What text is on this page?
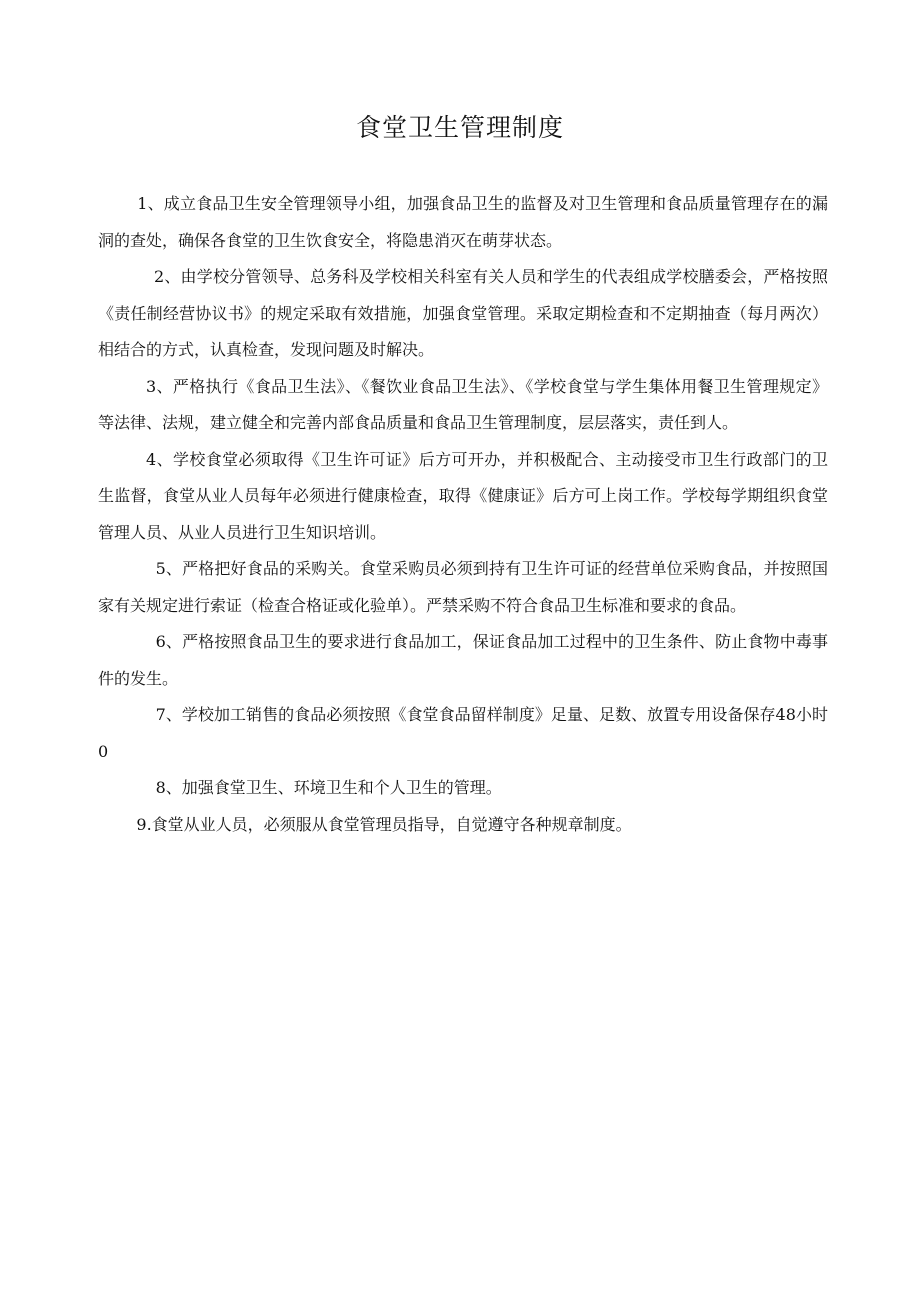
食堂卫生管理制度

1、成立食品卫生安全管理领导小组，加强食品卫生的监督及对卫生管理和食品质量管理存在的漏洞的查处，确保各食堂的卫生饮食安全，将隐患消灭在萌芽状态。

2、由学校分管领导、总务科及学校相关科室有关人员和学生的代表组成学校膳委会，严格按照《责任制经营协议书》的规定采取有效措施，加强食堂管理。采取定期检查和不定期抽查（每月两次）相结合的方式，认真检查，发现问题及时解决。

3、严格执行《食品卫生法》、《餐饮业食品卫生法》、《学校食堂与学生集体用餐卫生管理规定》等法律、法规，建立健全和完善内部食品质量和食品卫生管理制度，层层落实，责任到人。

4、学校食堂必须取得《卫生许可证》后方可开办，并积极配合、主动接受市卫生行政部门的卫生监督，食堂从业人员每年必须进行健康检查，取得《健康证》后方可上岗工作。学校每学期组织食堂管理人员、从业人员进行卫生知识培训。

5、严格把好食品的采购关。食堂采购员必须到持有卫生许可证的经营单位采购食品，并按照国家有关规定进行索证（检查合格证或化验单）。严禁采购不符合食品卫生标准和要求的食品。

6、严格按照食品卫生的要求进行食品加工，保证食品加工过程中的卫生条件、防止食物中毒事件的发生。

7、学校加工销售的食品必须按照《食堂食品留样制度》足量、足数、放置专用设备保存48小时0

8、加强食堂卫生、环境卫生和个人卫生的管理。

9.食堂从业人员，必须服从食堂管理员指导，自觉遵守各种规章制度。
